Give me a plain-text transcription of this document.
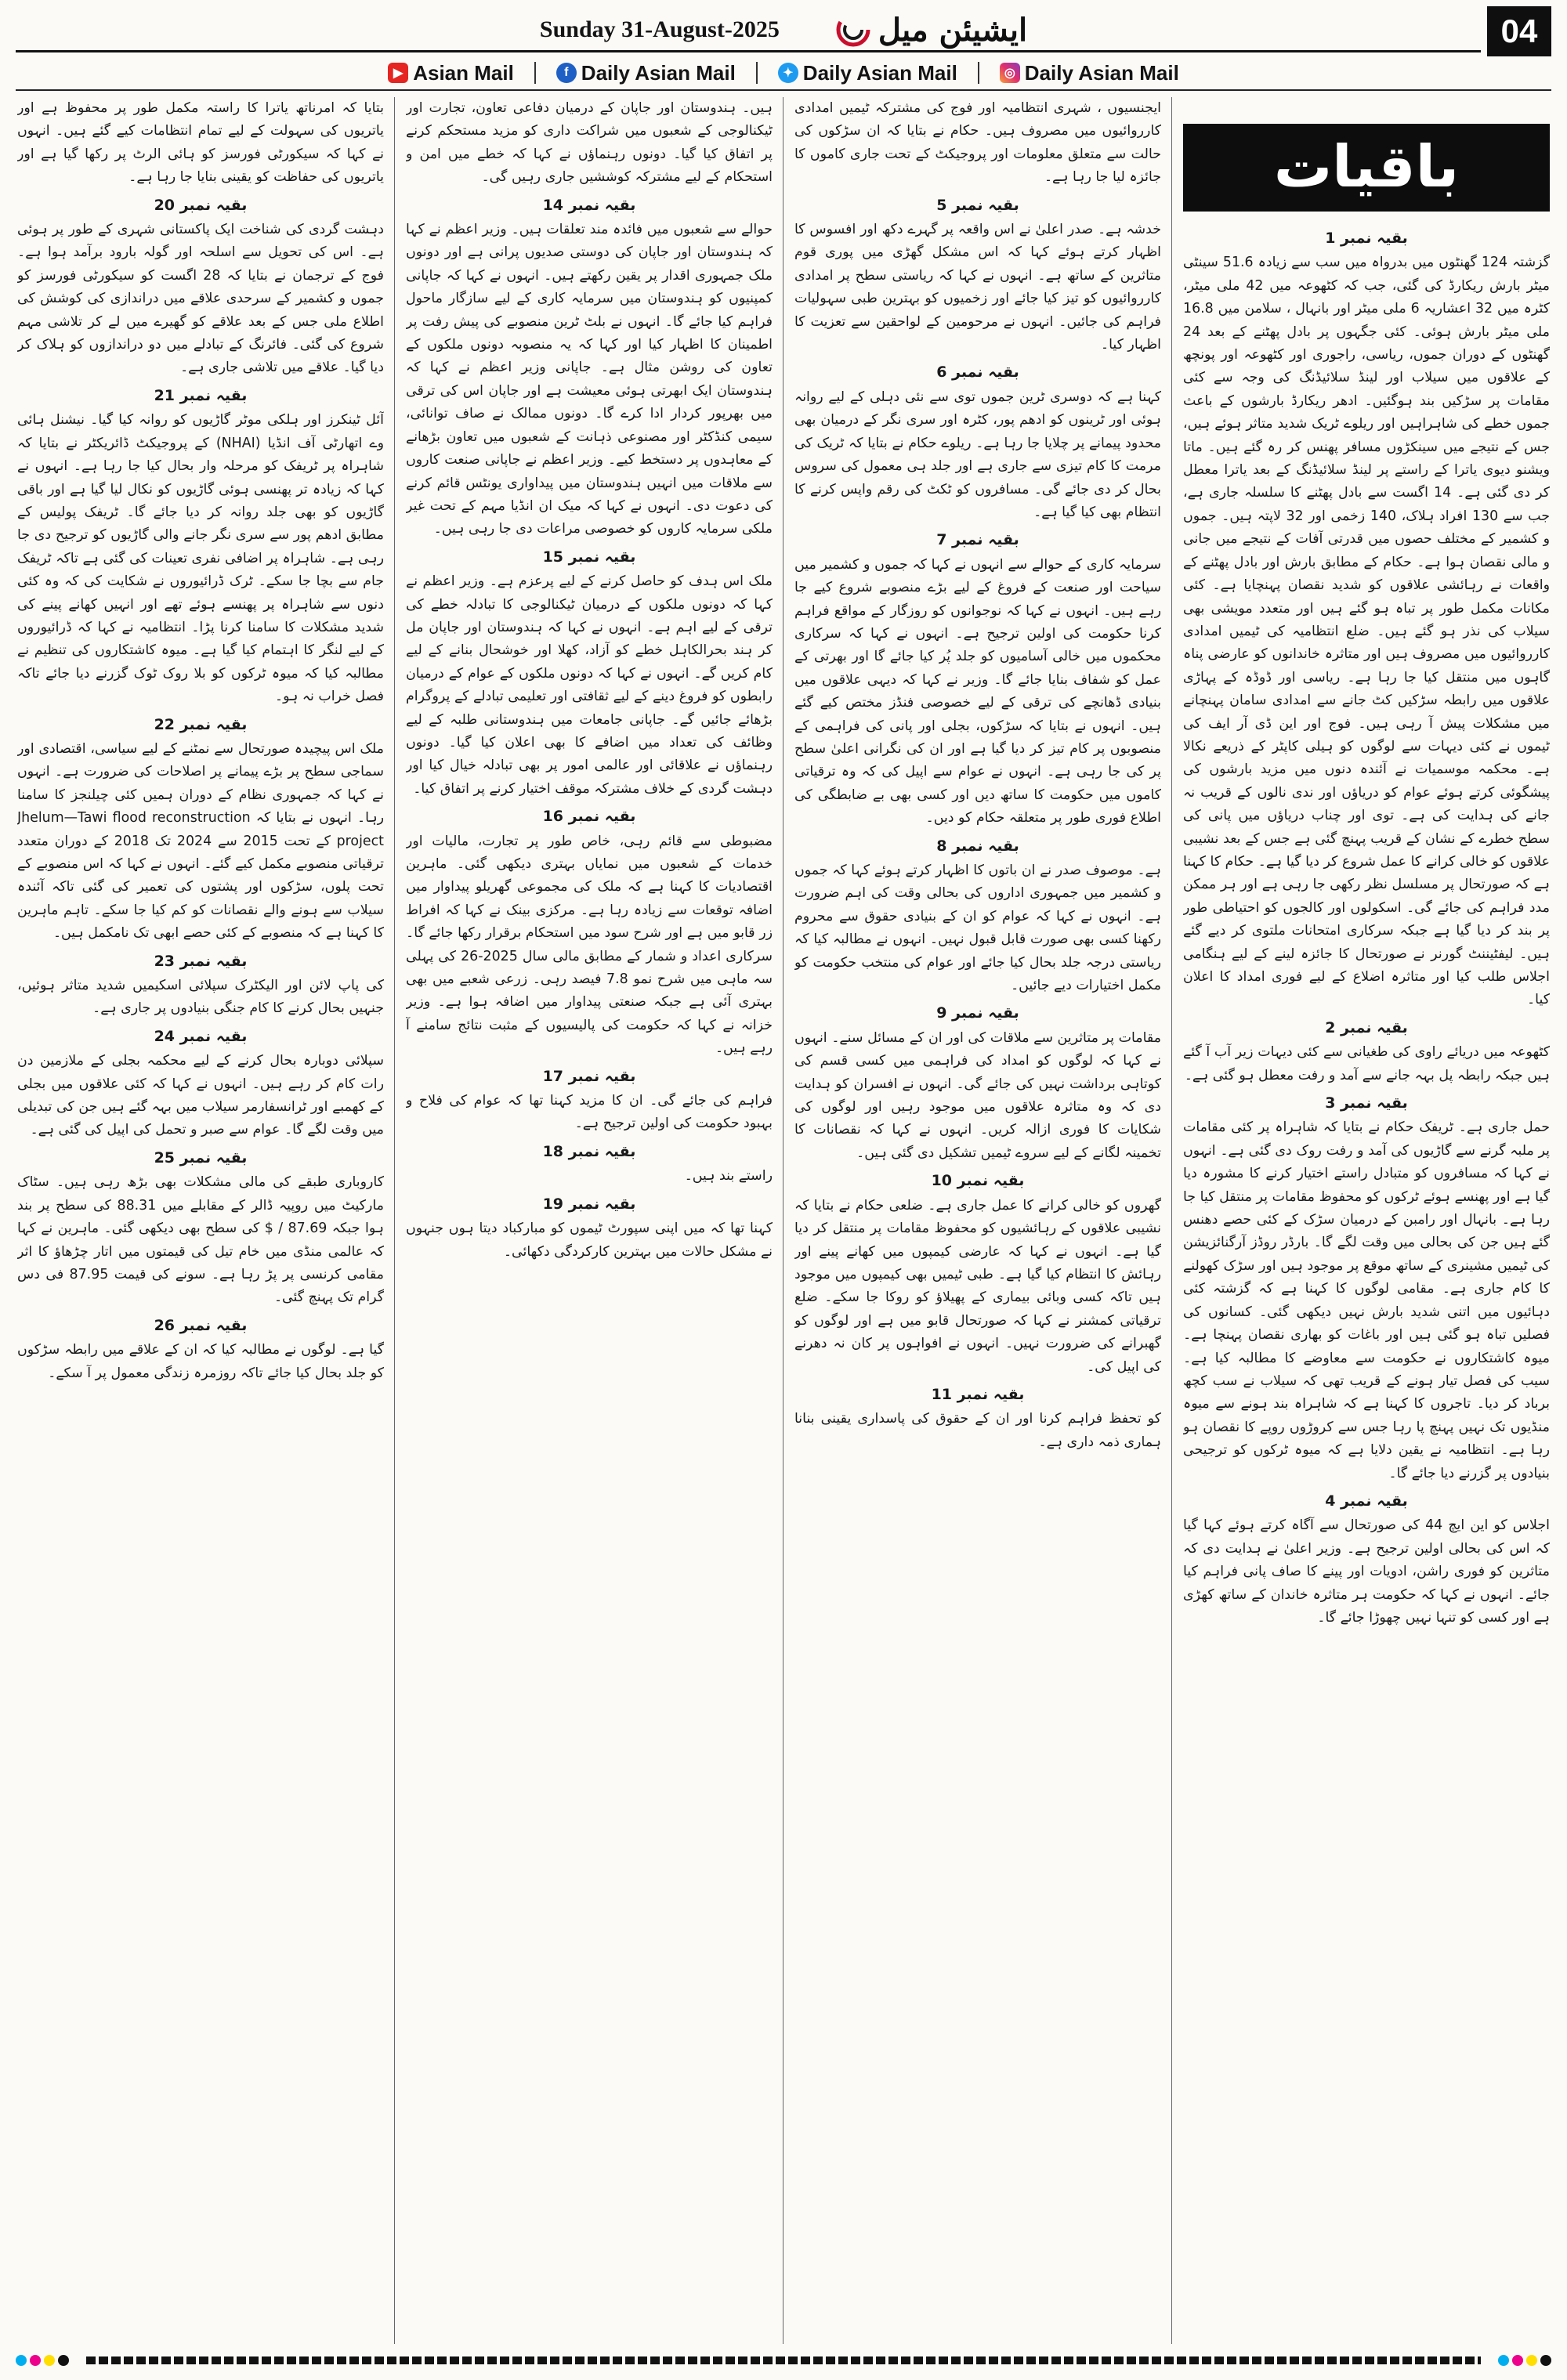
Sunday 31-August-2025	ایشیئن میل	04
▶ Asian Mail	f Daily Asian Mail	✦ Daily Asian Mail	◎ Daily Asian Mail
باقیات
بقیہ نمبر 1

گزشتہ 124 گھنٹوں میں بدرواہ میں سب سے زیادہ 51.6 سینٹی میٹر بارش ریکارڈ کی گئی، جب کہ کٹھوعہ میں 42 ملی میٹر، کٹرہ میں 32 اعشاریہ 6 ملی میٹر اور بانہال ، سلامن میں 16.8 ملی میٹر بارش ہوئی۔ کئی جگہوں پر بادل پھٹنے کے بعد 24 گھنٹوں کے دوران جموں، ریاسی، راجوری اور کٹھوعہ اور پونچھ کے علاقوں میں سیلاب اور لینڈ سلائیڈنگ کی وجہ سے کئی مقامات پر سڑکیں بند ہوگئیں۔ ادھر ریکارڈ بارشوں کے باعث جموں خطے کی شاہراہیں اور ریلوے ٹریک شدید متاثر ہوئے ہیں، جس کے نتیجے میں سینکڑوں مسافر پھنس کر رہ گئے ہیں۔ ماتا ویشنو دیوی یاترا کے راستے پر لینڈ سلائیڈنگ کے بعد یاترا معطل کر دی گئی ہے۔ 14 اگست سے بادل پھٹنے کا سلسلہ جاری ہے، جب سے 130 افراد ہلاک، 140 زخمی اور 32 لاپتہ ہیں۔ جموں و کشمیر کے مختلف حصوں میں قدرتی آفات کے نتیجے میں جانی و مالی نقصان ہوا ہے۔ حکام کے مطابق بارش اور بادل پھٹنے کے واقعات نے رہائشی علاقوں کو شدید نقصان پہنچایا ہے۔ کئی مکانات مکمل طور پر تباہ ہو گئے ہیں اور متعدد مویشی بھی سیلاب کی نذر ہو گئے ہیں۔ ضلع انتظامیہ کی ٹیمیں امدادی کارروائیوں میں مصروف ہیں اور متاثرہ خاندانوں کو عارضی پناہ گاہوں میں منتقل کیا جا رہا ہے۔ ریاسی اور ڈوڈہ کے پہاڑی علاقوں میں رابطہ سڑکیں کٹ جانے سے امدادی سامان پہنچانے میں مشکلات پیش آ رہی ہیں۔ فوج اور این ڈی آر ایف کی ٹیموں نے کئی دیہات سے لوگوں کو ہیلی کاپٹر کے ذریعے نکالا ہے۔ محکمہ موسمیات نے آئندہ دنوں میں مزید بارشوں کی پیشگوئی کرتے ہوئے عوام کو دریاؤں اور ندی نالوں کے قریب نہ جانے کی ہدایت کی ہے۔ توی اور چناب دریاؤں میں پانی کی سطح خطرے کے نشان کے قریب پہنچ گئی ہے جس کے بعد نشیبی علاقوں کو خالی کرانے کا عمل شروع کر دیا گیا ہے۔ حکام کا کہنا ہے کہ صورتحال پر مسلسل نظر رکھی جا رہی ہے اور ہر ممکن مدد فراہم کی جائے گی۔ اسکولوں اور کالجوں کو احتیاطی طور پر بند کر دیا گیا ہے جبکہ سرکاری امتحانات ملتوی کر دیے گئے ہیں۔ لیفٹیننٹ گورنر نے صورتحال کا جائزہ لینے کے لیے ہنگامی اجلاس طلب کیا اور متاثرہ اضلاع کے لیے فوری امداد کا اعلان کیا۔

بقیہ نمبر 2

کٹھوعہ میں دریائے راوی کی طغیانی سے کئی دیہات زیر آب آ گئے ہیں جبکہ رابطہ پل بہہ جانے سے آمد و رفت معطل ہو گئی ہے۔

بقیہ نمبر 3

حمل جاری ہے۔ ٹریفک حکام نے بتایا کہ شاہراہ پر کئی مقامات پر ملبہ گرنے سے گاڑیوں کی آمد و رفت روک دی گئی ہے۔ انہوں نے کہا کہ مسافروں کو متبادل راستے اختیار کرنے کا مشورہ دیا گیا ہے اور پھنسے ہوئے ٹرکوں کو محفوظ مقامات پر منتقل کیا جا رہا ہے۔ بانہال اور رامبن کے درمیان سڑک کے کئی حصے دھنس گئے ہیں جن کی بحالی میں وقت لگے گا۔ بارڈر روڈز آرگنائزیشن کی ٹیمیں مشینری کے ساتھ موقع پر موجود ہیں اور سڑک کھولنے کا کام جاری ہے۔ مقامی لوگوں کا کہنا ہے کہ گزشتہ کئی دہائیوں میں اتنی شدید بارش نہیں دیکھی گئی۔ کسانوں کی فصلیں تباہ ہو گئی ہیں اور باغات کو بھاری نقصان پہنچا ہے۔ میوہ کاشتکاروں نے حکومت سے معاوضے کا مطالبہ کیا ہے۔ سیب کی فصل تیار ہونے کے قریب تھی کہ سیلاب نے سب کچھ برباد کر دیا۔ تاجروں کا کہنا ہے کہ شاہراہ بند ہونے سے میوہ منڈیوں تک نہیں پہنچ پا رہا جس سے کروڑوں روپے کا نقصان ہو رہا ہے۔ انتظامیہ نے یقین دلایا ہے کہ میوہ ٹرکوں کو ترجیحی بنیادوں پر گزرنے دیا جائے گا۔

بقیہ نمبر 4

اجلاس کو این ایچ 44 کی صورتحال سے آگاہ کرتے ہوئے کہا گیا کہ اس کی بحالی اولین ترجیح ہے۔ وزیر اعلیٰ نے ہدایت دی کہ متاثرین کو فوری راشن، ادویات اور پینے کا صاف پانی فراہم کیا جائے۔ انہوں نے کہا کہ حکومت ہر متاثرہ خاندان کے ساتھ کھڑی ہے اور کسی کو تنہا نہیں چھوڑا جائے گا۔

ایجنسیوں ، شہری انتظامیہ اور فوج کی مشترکہ ٹیمیں امدادی کارروائیوں میں مصروف ہیں۔ حکام نے بتایا کہ ان سڑکوں کی حالت سے متعلق معلومات اور پروجیکٹ کے تحت جاری کاموں کا جائزہ لیا جا رہا ہے۔

بقیہ نمبر 5

خدشہ ہے۔ صدر اعلیٰ نے اس واقعہ پر گہرے دکھ اور افسوس کا اظہار کرتے ہوئے کہا کہ اس مشکل گھڑی میں پوری قوم متاثرین کے ساتھ ہے۔ انہوں نے کہا کہ ریاستی سطح پر امدادی کارروائیوں کو تیز کیا جائے اور زخمیوں کو بہترین طبی سہولیات فراہم کی جائیں۔ انہوں نے مرحومین کے لواحقین سے تعزیت کا اظہار کیا۔

بقیہ نمبر 6

کہنا ہے کہ دوسری ٹرین جموں توی سے نئی دہلی کے لیے روانہ ہوئی اور ٹرینوں کو ادھم پور، کٹرہ اور سری نگر کے درمیان بھی محدود پیمانے پر چلایا جا رہا ہے۔ ریلوے حکام نے بتایا کہ ٹریک کی مرمت کا کام تیزی سے جاری ہے اور جلد ہی معمول کی سروس بحال کر دی جائے گی۔ مسافروں کو ٹکٹ کی رقم واپس کرنے کا انتظام بھی کیا گیا ہے۔

بقیہ نمبر 7

سرمایہ کاری کے حوالے سے انہوں نے کہا کہ جموں و کشمیر میں سیاحت اور صنعت کے فروغ کے لیے بڑے منصوبے شروع کیے جا رہے ہیں۔ انہوں نے کہا کہ نوجوانوں کو روزگار کے مواقع فراہم کرنا حکومت کی اولین ترجیح ہے۔ انہوں نے کہا کہ سرکاری محکموں میں خالی آسامیوں کو جلد پُر کیا جائے گا اور بھرتی کے عمل کو شفاف بنایا جائے گا۔ وزیر نے کہا کہ دیہی علاقوں میں بنیادی ڈھانچے کی ترقی کے لیے خصوصی فنڈز مختص کیے گئے ہیں۔ انہوں نے بتایا کہ سڑکوں، بجلی اور پانی کی فراہمی کے منصوبوں پر کام تیز کر دیا گیا ہے اور ان کی نگرانی اعلیٰ سطح پر کی جا رہی ہے۔ انہوں نے عوام سے اپیل کی کہ وہ ترقیاتی کاموں میں حکومت کا ساتھ دیں اور کسی بھی بے ضابطگی کی اطلاع فوری طور پر متعلقہ حکام کو دیں۔

بقیہ نمبر 8

ہے۔ موصوف صدر نے ان باتوں کا اظہار کرتے ہوئے کہا کہ جموں و کشمیر میں جمہوری اداروں کی بحالی وقت کی اہم ضرورت ہے۔ انہوں نے کہا کہ عوام کو ان کے بنیادی حقوق سے محروم رکھنا کسی بھی صورت قابل قبول نہیں۔ انہوں نے مطالبہ کیا کہ ریاستی درجہ جلد بحال کیا جائے اور عوام کی منتخب حکومت کو مکمل اختیارات دیے جائیں۔

بقیہ نمبر 9

مقامات پر متاثرین سے ملاقات کی اور ان کے مسائل سنے۔ انہوں نے کہا کہ لوگوں کو امداد کی فراہمی میں کسی قسم کی کوتاہی برداشت نہیں کی جائے گی۔ انہوں نے افسران کو ہدایت دی کہ وہ متاثرہ علاقوں میں موجود رہیں اور لوگوں کی شکایات کا فوری ازالہ کریں۔ انہوں نے کہا کہ نقصانات کا تخمینہ لگانے کے لیے سروے ٹیمیں تشکیل دی گئی ہیں۔

بقیہ نمبر 10

گھروں کو خالی کرانے کا عمل جاری ہے۔ ضلعی حکام نے بتایا کہ نشیبی علاقوں کے رہائشیوں کو محفوظ مقامات پر منتقل کر دیا گیا ہے۔ انہوں نے کہا کہ عارضی کیمپوں میں کھانے پینے اور رہائش کا انتظام کیا گیا ہے۔ طبی ٹیمیں بھی کیمپوں میں موجود ہیں تاکہ کسی وبائی بیماری کے پھیلاؤ کو روکا جا سکے۔ ضلع ترقیاتی کمشنر نے کہا کہ صورتحال قابو میں ہے اور لوگوں کو گھبرانے کی ضرورت نہیں۔ انہوں نے افواہوں پر کان نہ دھرنے کی اپیل کی۔

بقیہ نمبر 11

کو تحفظ فراہم کرنا اور ان کے حقوق کی پاسداری یقینی بنانا ہماری ذمہ داری ہے۔

ہیں۔ ہندوستان اور جاپان کے درمیان دفاعی تعاون، تجارت اور ٹیکنالوجی کے شعبوں میں شراکت داری کو مزید مستحکم کرنے پر اتفاق کیا گیا۔ دونوں رہنماؤں نے کہا کہ خطے میں امن و استحکام کے لیے مشترکہ کوششیں جاری رہیں گی۔

بقیہ نمبر 14

حوالے سے شعبوں میں فائدہ مند تعلقات ہیں۔ وزیر اعظم نے کہا کہ ہندوستان اور جاپان کی دوستی صدیوں پرانی ہے اور دونوں ملک جمہوری اقدار پر یقین رکھتے ہیں۔ انہوں نے کہا کہ جاپانی کمپنیوں کو ہندوستان میں سرمایہ کاری کے لیے سازگار ماحول فراہم کیا جائے گا۔ انہوں نے بلٹ ٹرین منصوبے کی پیش رفت پر اطمینان کا اظہار کیا اور کہا کہ یہ منصوبہ دونوں ملکوں کے تعاون کی روشن مثال ہے۔ جاپانی وزیر اعظم نے کہا کہ ہندوستان ایک ابھرتی ہوئی معیشت ہے اور جاپان اس کی ترقی میں بھرپور کردار ادا کرے گا۔ دونوں ممالک نے صاف توانائی، سیمی کنڈکٹر اور مصنوعی ذہانت کے شعبوں میں تعاون بڑھانے کے معاہدوں پر دستخط کیے۔ وزیر اعظم نے جاپانی صنعت کاروں سے ملاقات میں انہیں ہندوستان میں پیداواری یونٹس قائم کرنے کی دعوت دی۔ انہوں نے کہا کہ میک ان انڈیا مہم کے تحت غیر ملکی سرمایہ کاروں کو خصوصی مراعات دی جا رہی ہیں۔

بقیہ نمبر 15

ملک اس ہدف کو حاصل کرنے کے لیے پرعزم ہے۔ وزیر اعظم نے کہا کہ دونوں ملکوں کے درمیان ٹیکنالوجی کا تبادلہ خطے کی ترقی کے لیے اہم ہے۔ انہوں نے کہا کہ ہندوستان اور جاپان مل کر ہند بحرالکاہل خطے کو آزاد، کھلا اور خوشحال بنانے کے لیے کام کریں گے۔ انہوں نے کہا کہ دونوں ملکوں کے عوام کے درمیان رابطوں کو فروغ دینے کے لیے ثقافتی اور تعلیمی تبادلے کے پروگرام بڑھائے جائیں گے۔ جاپانی جامعات میں ہندوستانی طلبہ کے لیے وظائف کی تعداد میں اضافے کا بھی اعلان کیا گیا۔ دونوں رہنماؤں نے علاقائی اور عالمی امور پر بھی تبادلہ خیال کیا اور دہشت گردی کے خلاف مشترکہ موقف اختیار کرنے پر اتفاق کیا۔

بقیہ نمبر 16

مضبوطی سے قائم رہی، خاص طور پر تجارت، مالیات اور خدمات کے شعبوں میں نمایاں بہتری دیکھی گئی۔ ماہرین اقتصادیات کا کہنا ہے کہ ملک کی مجموعی گھریلو پیداوار میں اضافہ توقعات سے زیادہ رہا ہے۔ مرکزی بینک نے کہا کہ افراط زر قابو میں ہے اور شرح سود میں استحکام برقرار رکھا جائے گا۔ سرکاری اعداد و شمار کے مطابق مالی سال 2025-26 کی پہلی سہ ماہی میں شرح نمو 7.8 فیصد رہی۔ زرعی شعبے میں بھی بہتری آئی ہے جبکہ صنعتی پیداوار میں اضافہ ہوا ہے۔ وزیر خزانہ نے کہا کہ حکومت کی پالیسیوں کے مثبت نتائج سامنے آ رہے ہیں۔

بقیہ نمبر 17

فراہم کی جائے گی۔ ان کا مزید کہنا تھا کہ عوام کی فلاح و بہبود حکومت کی اولین ترجیح ہے۔

بقیہ نمبر 18

راستے بند ہیں۔

بقیہ نمبر 19

کہنا تھا کہ میں اپنی سپورٹ ٹیموں کو مبارکباد دیتا ہوں جنہوں نے مشکل حالات میں بہترین کارکردگی دکھائی۔

بتایا کہ امرناتھ یاترا کا راستہ مکمل طور پر محفوظ ہے اور یاتریوں کی سہولت کے لیے تمام انتظامات کیے گئے ہیں۔ انہوں نے کہا کہ سیکورٹی فورسز کو ہائی الرٹ پر رکھا گیا ہے اور یاتریوں کی حفاظت کو یقینی بنایا جا رہا ہے۔

بقیہ نمبر 20

دہشت گردی کی شناخت ایک پاکستانی شہری کے طور پر ہوئی ہے۔ اس کی تحویل سے اسلحہ اور گولہ بارود برآمد ہوا ہے۔ فوج کے ترجمان نے بتایا کہ 28 اگست کو سیکورٹی فورسز کو جموں و کشمیر کے سرحدی علاقے میں دراندازی کی کوشش کی اطلاع ملی جس کے بعد علاقے کو گھیرے میں لے کر تلاشی مہم شروع کی گئی۔ فائرنگ کے تبادلے میں دو دراندازوں کو ہلاک کر دیا گیا۔ علاقے میں تلاشی جاری ہے۔

بقیہ نمبر 21

آئل ٹینکرز اور ہلکی موٹر گاڑیوں کو روانہ کیا گیا۔ نیشنل ہائی وے اتھارٹی آف انڈیا (NHAI) کے پروجیکٹ ڈائریکٹر نے بتایا کہ شاہراہ پر ٹریفک کو مرحلہ وار بحال کیا جا رہا ہے۔ انہوں نے کہا کہ زیادہ تر پھنسی ہوئی گاڑیوں کو نکال لیا گیا ہے اور باقی گاڑیوں کو بھی جلد روانہ کر دیا جائے گا۔ ٹریفک پولیس کے مطابق ادھم پور سے سری نگر جانے والی گاڑیوں کو ترجیح دی جا رہی ہے۔ شاہراہ پر اضافی نفری تعینات کی گئی ہے تاکہ ٹریفک جام سے بچا جا سکے۔ ٹرک ڈرائیوروں نے شکایت کی کہ وہ کئی دنوں سے شاہراہ پر پھنسے ہوئے تھے اور انہیں کھانے پینے کی شدید مشکلات کا سامنا کرنا پڑا۔ انتظامیہ نے کہا کہ ڈرائیوروں کے لیے لنگر کا اہتمام کیا گیا ہے۔ میوہ کاشتکاروں کی تنظیم نے مطالبہ کیا کہ میوہ ٹرکوں کو بلا روک ٹوک گزرنے دیا جائے تاکہ فصل خراب نہ ہو۔

بقیہ نمبر 22

ملک اس پیچیدہ صورتحال سے نمٹنے کے لیے سیاسی، اقتصادی اور سماجی سطح پر بڑے پیمانے پر اصلاحات کی ضرورت ہے۔ انہوں نے کہا کہ جمہوری نظام کے دوران ہمیں کئی چیلنجز کا سامنا رہا۔ انہوں نے بتایا کہ Jhelum—Tawi flood reconstruction project کے تحت 2015 سے 2024 تک 2018 کے دوران متعدد ترقیاتی منصوبے مکمل کیے گئے۔ انہوں نے کہا کہ اس منصوبے کے تحت پلوں، سڑکوں اور پشتوں کی تعمیر کی گئی تاکہ آئندہ سیلاب سے ہونے والے نقصانات کو کم کیا جا سکے۔ تاہم ماہرین کا کہنا ہے کہ منصوبے کے کئی حصے ابھی تک نامکمل ہیں۔

بقیہ نمبر 23

کی پاپ لائن اور الیکٹرک سپلائی اسکیمیں شدید متاثر ہوئیں، جنہیں بحال کرنے کا کام جنگی بنیادوں پر جاری ہے۔

بقیہ نمبر 24

سپلائی دوبارہ بحال کرنے کے لیے محکمہ بجلی کے ملازمین دن رات کام کر رہے ہیں۔ انہوں نے کہا کہ کئی علاقوں میں بجلی کے کھمبے اور ٹرانسفارمر سیلاب میں بہہ گئے ہیں جن کی تبدیلی میں وقت لگے گا۔ عوام سے صبر و تحمل کی اپیل کی گئی ہے۔

بقیہ نمبر 25

کاروباری طبقے کی مالی مشکلات بھی بڑھ رہی ہیں۔ سٹاک مارکیٹ میں روپیہ ڈالر کے مقابلے میں 88.31 کی سطح پر بند ہوا جبکہ 87.69 / $ کی سطح بھی دیکھی گئی۔ ماہرین نے کہا کہ عالمی منڈی میں خام تیل کی قیمتوں میں اتار چڑھاؤ کا اثر مقامی کرنسی پر پڑ رہا ہے۔ سونے کی قیمت 87.95 فی دس گرام تک پہنچ گئی۔

بقیہ نمبر 26

گیا ہے۔ لوگوں نے مطالبہ کیا کہ ان کے علاقے میں رابطہ سڑکوں کو جلد بحال کیا جائے تاکہ روزمرہ زندگی معمول پر آ سکے۔
